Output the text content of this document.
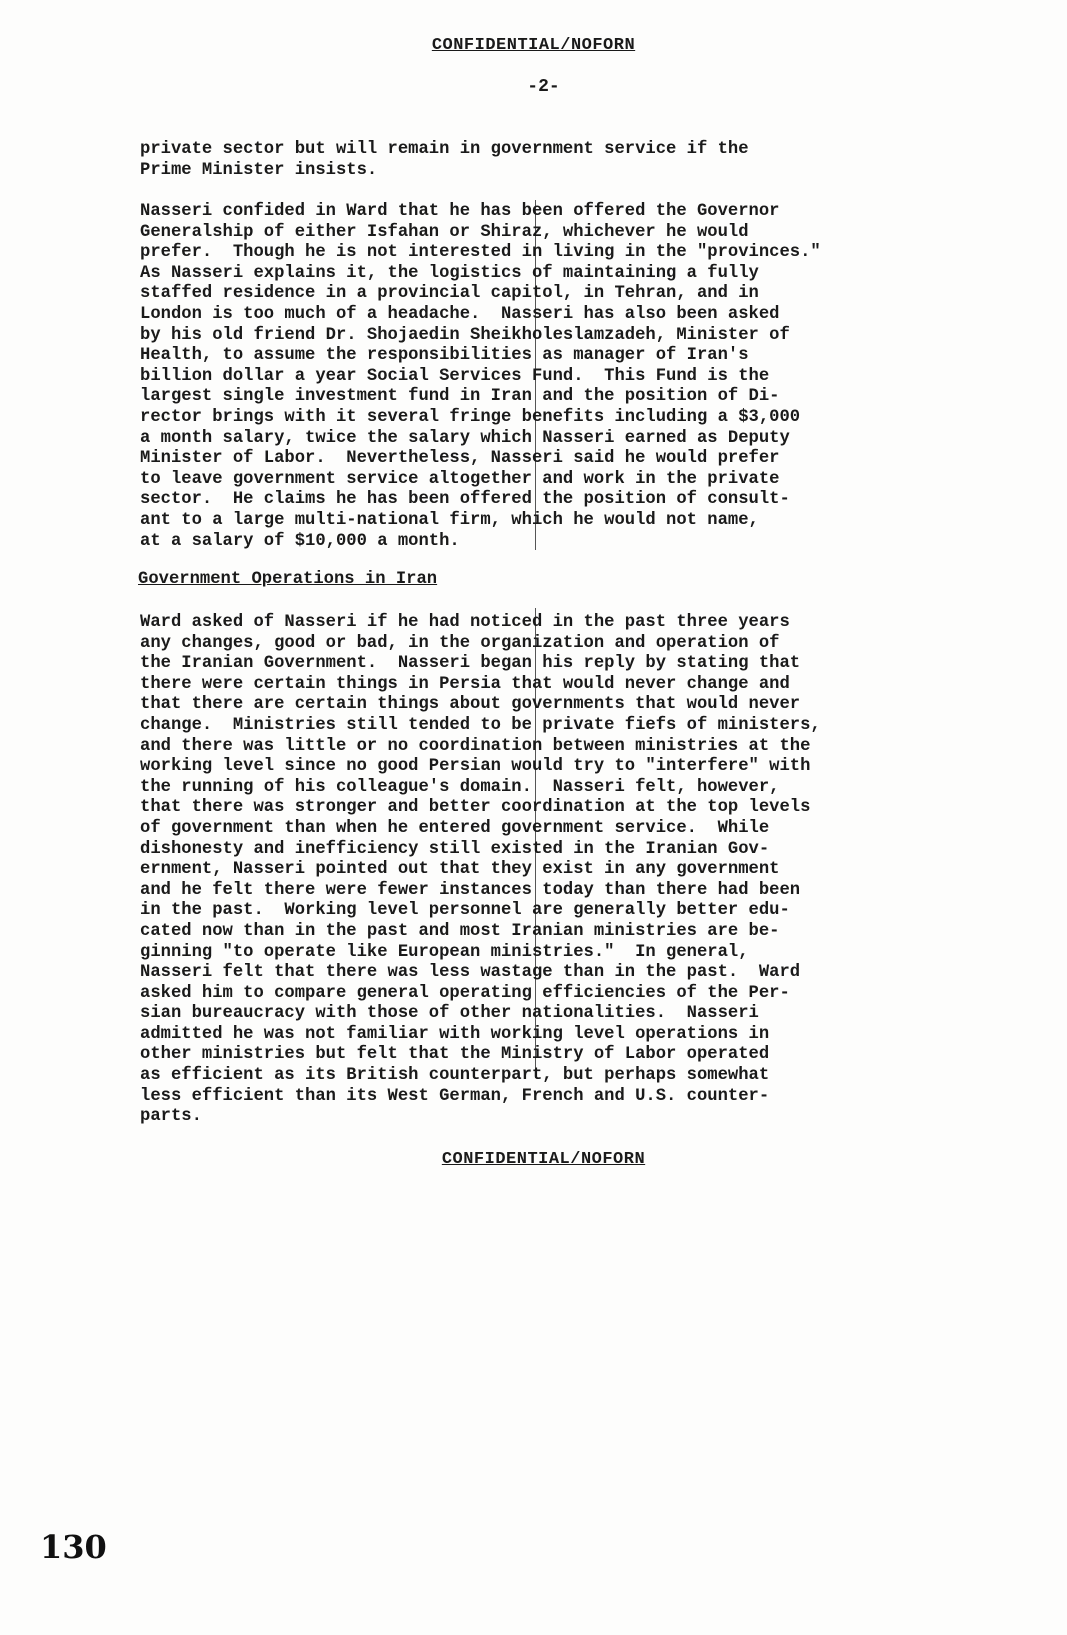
CONFIDENTIAL/NOFORN
-2-
private sector but will remain in government service if the
Prime Minister insists.
Nasseri confided in Ward that he has been offered the Governor
Generalship of either Isfahan or Shiraz, whichever he would
prefer.  Though he is not interested in living in the "provinces."
As Nasseri explains it, the logistics of maintaining a fully
staffed residence in a provincial capitol, in Tehran, and in
London is too much of a headache.  Nasseri has also been asked
by his old friend Dr. Shojaedin Sheikholeslamzadeh, Minister of
Health, to assume the responsibilities as manager of Iran's
billion dollar a year Social Services Fund.  This Fund is the
largest single investment fund in Iran and the position of Di-
rector brings with it several fringe benefits including a $3,000
a month salary, twice the salary which Nasseri earned as Deputy
Minister of Labor.  Nevertheless, Nasseri said he would prefer
to leave government service altogether and work in the private
sector.  He claims he has been offered the position of consult-
ant to a large multi-national firm, which he would not name,
at a salary of $10,000 a month.
Government Operations in Iran
Ward asked of Nasseri if he had noticed in the past three years
any changes, good or bad, in the organization and operation of
the Iranian Government.  Nasseri began his reply by stating that
there were certain things in Persia that would never change and
that there are certain things about governments that would never
change.  Ministries still tended to be private fiefs of ministers,
and there was little or no coordination between ministries at the
working level since no good Persian would try to "interfere" with
the running of his colleague's domain.  Nasseri felt, however,
that there was stronger and better coordination at the top levels
of government than when he entered government service.  While
dishonesty and inefficiency still existed in the Iranian Gov-
ernment, Nasseri pointed out that they exist in any government
and he felt there were fewer instances today than there had been
in the past.  Working level personnel are generally better edu-
cated now than in the past and most Iranian ministries are be-
ginning "to operate like European ministries."  In general,
Nasseri felt that there was less wastage than in the past.  Ward
asked him to compare general operating efficiencies of the Per-
sian bureaucracy with those of other nationalities.  Nasseri
admitted he was not familiar with working level operations in
other ministries but felt that the Ministry of Labor operated
as efficient as its British counterpart, but perhaps somewhat
less efficient than its West German, French and U.S. counter-
parts.
CONFIDENTIAL/NOFORN
130
